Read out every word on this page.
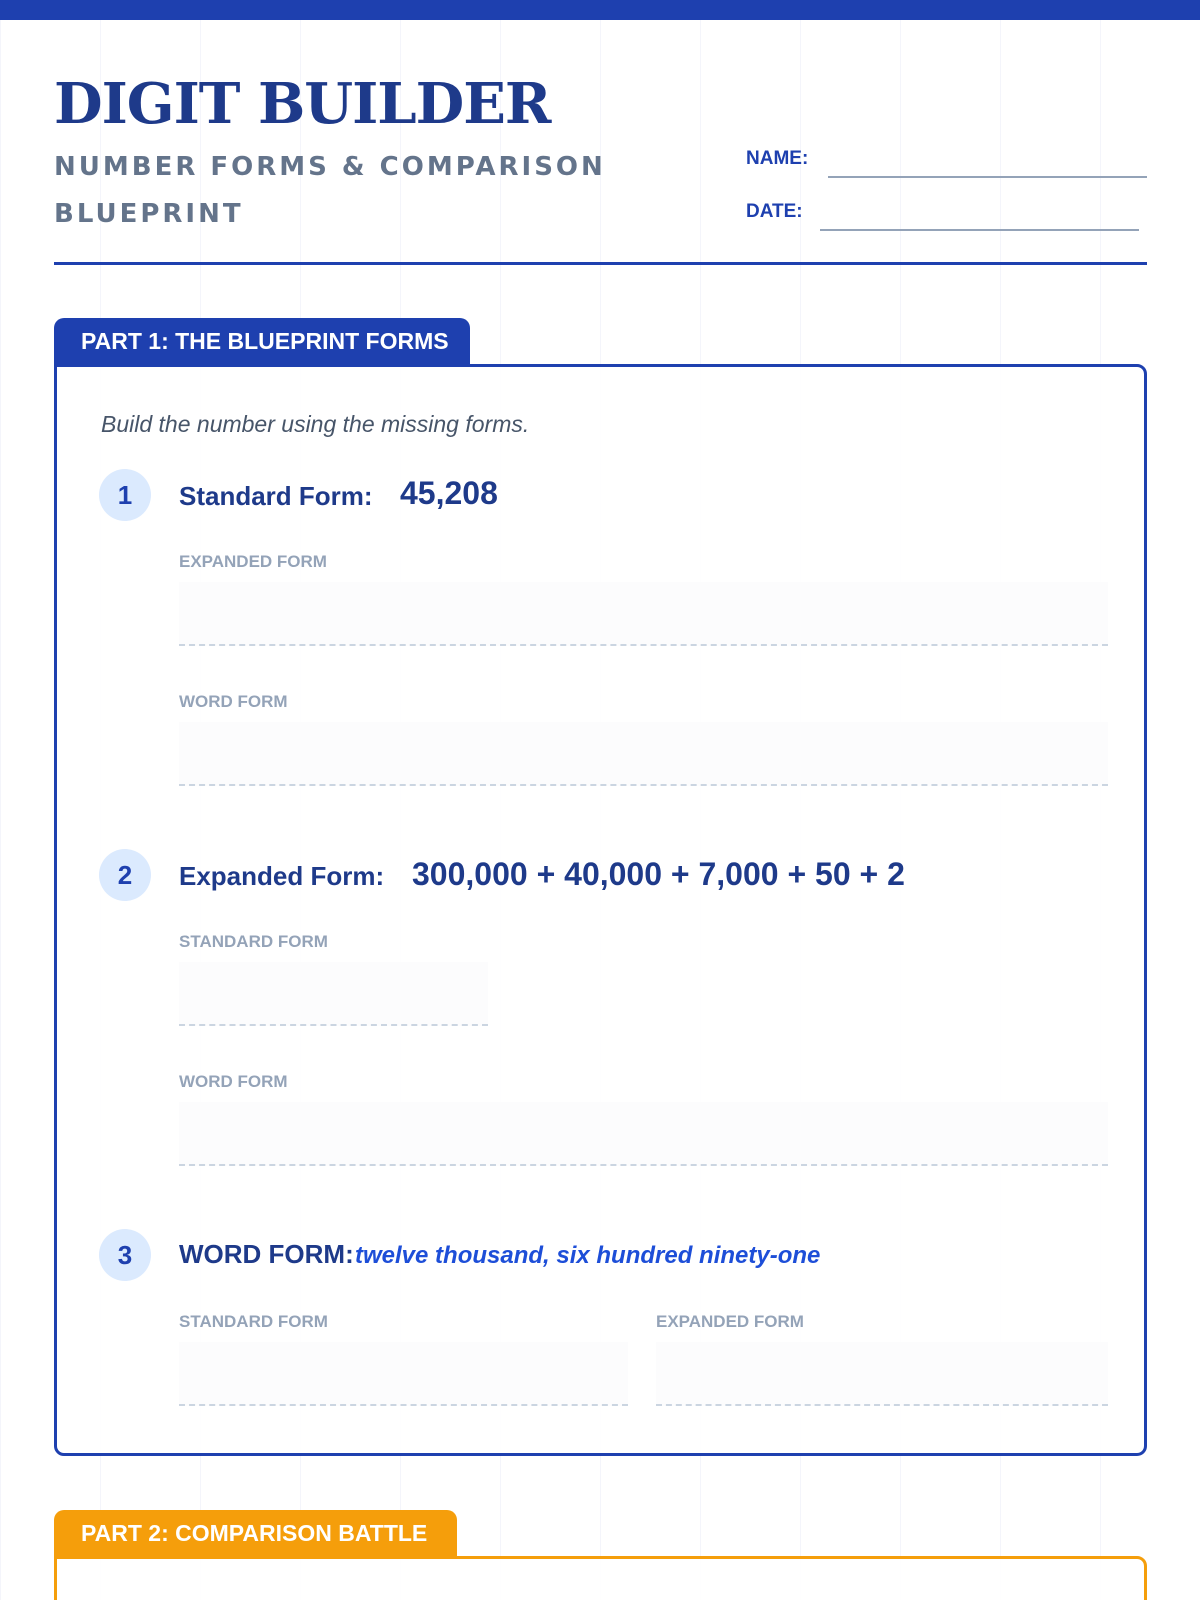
DIGIT BUILDER
NUMBER FORMS & COMPARISON BLUEPRINT
NAME:
DATE:
PART 1: THE BLUEPRINT FORMS
Build the number using the missing forms.
1	Standard Form: 45,208
EXPANDED FORM
WORD FORM
2	Expanded Form: 300,000 + 40,000 + 7,000 + 50 + 2
STANDARD FORM
WORD FORM
3	WORD FORM: twelve thousand, six hundred ninety-one
STANDARD FORM	EXPANDED FORM
PART 2: COMPARISON BATTLE
